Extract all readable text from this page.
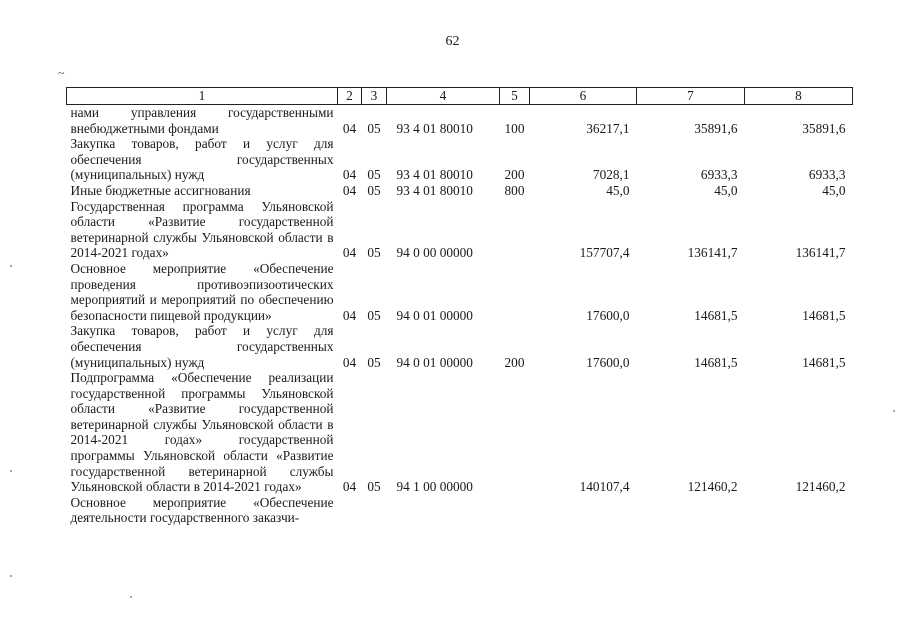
62
~
1	2	3	4	5	6	7	8
нами управления государственными внебюджетными фондами	04	05	93 4 01 80010	100	36217,1	35891,6	35891,6
Закупка товаров, работ и услуг для обеспечения государственных (муниципальных) нужд	04	05	93 4 01 80010	200	7028,1	6933,3	6933,3
Иные бюджетные ассигнования	04	05	93 4 01 80010	800	45,0	45,0	45,0
Государственная программа Ульяновской области «Развитие государственной ветеринарной службы Ульяновской области в 2014-2021 годах»	04	05	94 0 00 00000		157707,4	136141,7	136141,7
Основное мероприятие «Обеспечение проведения противоэпизоотических мероприятий и мероприятий по обеспечению безопасности пищевой продукции»	04	05	94 0 01 00000		17600,0	14681,5	14681,5
Закупка товаров, работ и услуг для обеспечения государственных (муниципальных) нужд	04	05	94 0 01 00000	200	17600,0	14681,5	14681,5
Подпрограмма «Обеспечение реализации государственной программы Ульяновской области «Развитие государственной ветеринарной службы Ульяновской области в 2014-2021 годах» государственной программы Ульяновской области «Развитие государственной ветеринарной службы Ульяновской области в 2014-2021 годах»	04	05	94 1 00 00000		140107,4	121460,2	121460,2
Основное мероприятие «Обеспечение деятельности государственного заказчи-							
